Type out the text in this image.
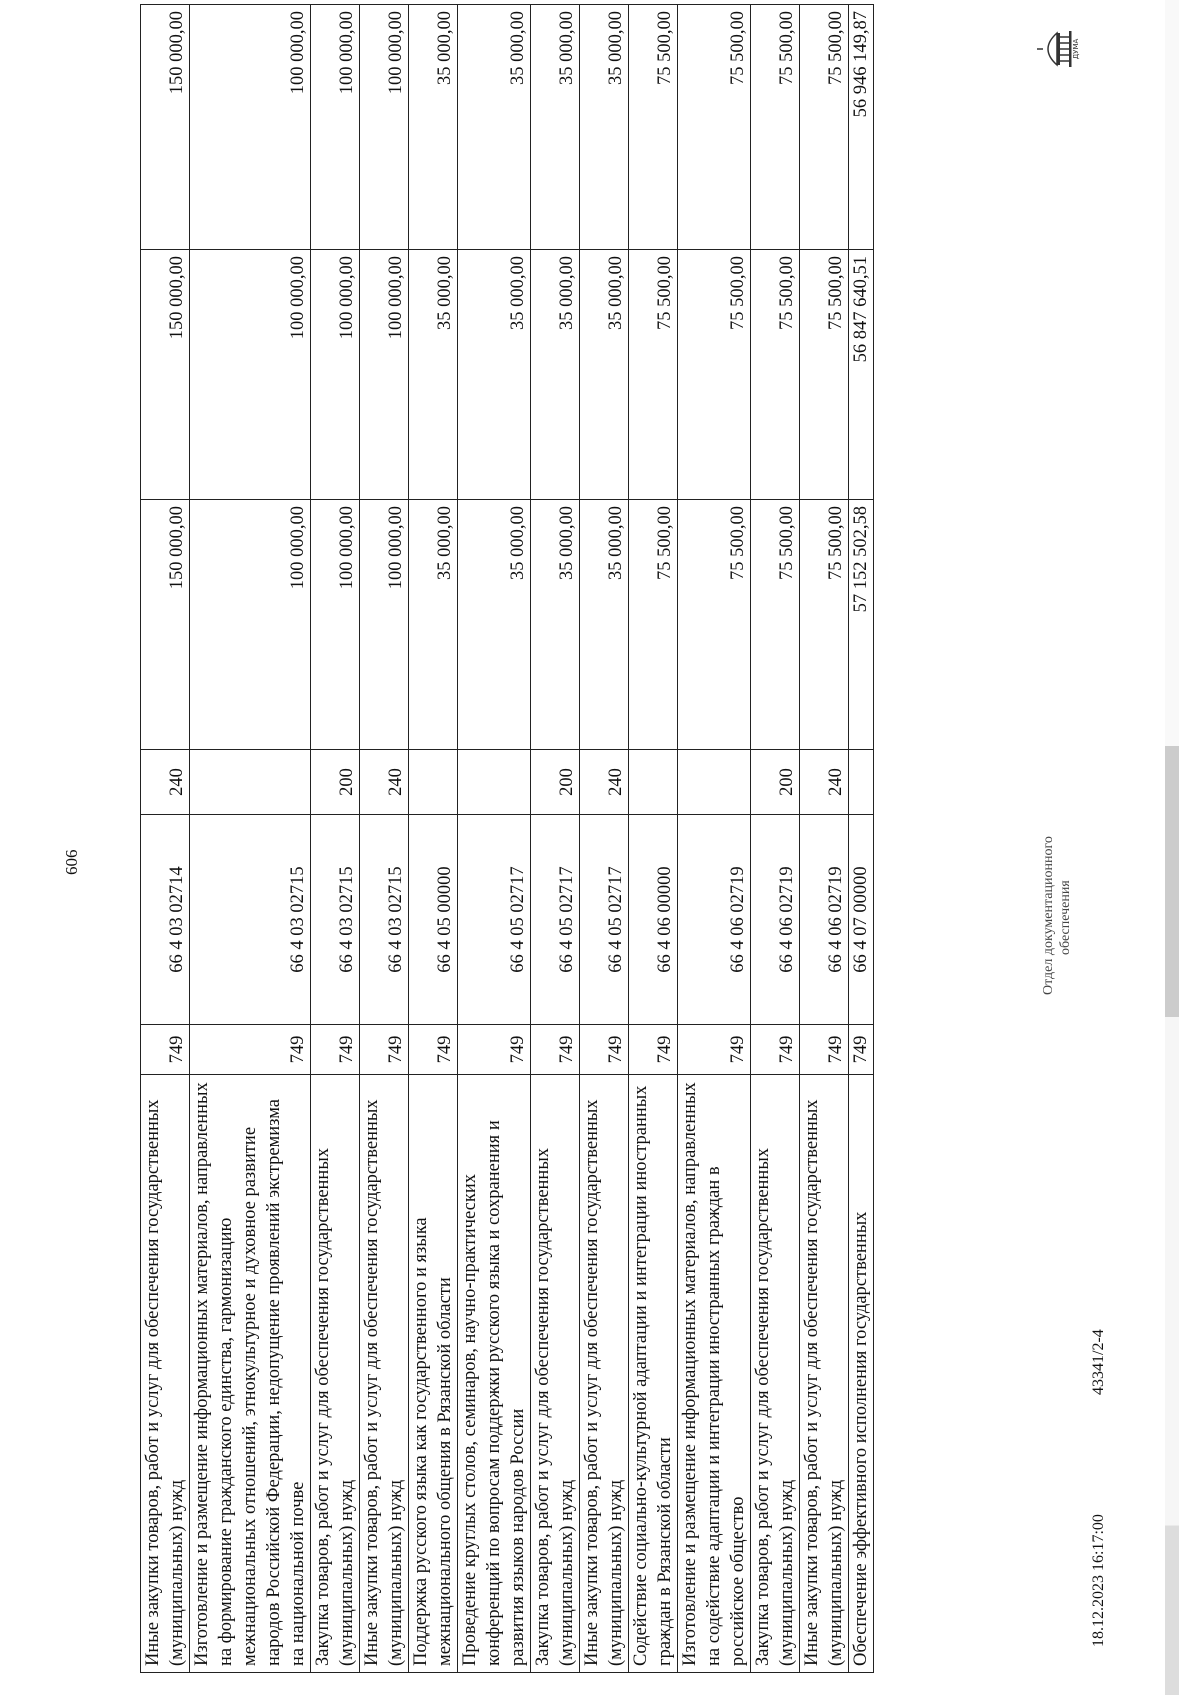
606
Иные закупки товаров, работ и услуг для обеспечения государственных (муниципальных) нужд	749	66 4 03 02714	240	150 000,00	150 000,00	150 000,00
Изготовление и размещение информационных материалов, направленных на формирование гражданского единства, гармонизацию межнациональных отношений, этнокультурное и духовное развитие народов Российской Федерации, недопущение проявлений экстремизма на национальной почве	749	66 4 03 02715		100 000,00	100 000,00	100 000,00
Закупка товаров, работ и услуг для обеспечения государственных (муниципальных) нужд	749	66 4 03 02715	200	100 000,00	100 000,00	100 000,00
Иные закупки товаров, работ и услуг для обеспечения государственных (муниципальных) нужд	749	66 4 03 02715	240	100 000,00	100 000,00	100 000,00
Поддержка русского языка как государственного и языка межнационального общения в Рязанской области	749	66 4 05 00000		35 000,00	35 000,00	35 000,00
Проведение круглых столов, семинаров, научно-практических конференций по вопросам поддержки русского языка и сохранения и развития языков народов России	749	66 4 05 02717		35 000,00	35 000,00	35 000,00
Закупка товаров, работ и услуг для обеспечения государственных (муниципальных) нужд	749	66 4 05 02717	200	35 000,00	35 000,00	35 000,00
Иные закупки товаров, работ и услуг для обеспечения государственных (муниципальных) нужд	749	66 4 05 02717	240	35 000,00	35 000,00	35 000,00
Содействие социально-культурной адаптации и интеграции иностранных граждан в Рязанской области	749	66 4 06 00000		75 500,00	75 500,00	75 500,00
Изготовление и размещение информационных материалов, направленных на содействие адаптации и интеграции иностранных граждан в российское общество	749	66 4 06 02719		75 500,00	75 500,00	75 500,00
Закупка товаров, работ и услуг для обеспечения государственных (муниципальных) нужд	749	66 4 06 02719	200	75 500,00	75 500,00	75 500,00
Иные закупки товаров, работ и услуг для обеспечения государственных (муниципальных) нужд	749	66 4 06 02719	240	75 500,00	75 500,00	75 500,00
Обеспечение эффективного исполнения государственных	749	66 4 07 00000		57 152 502,58	56 847 640,51	56 946 149,87
18.12.2023 16:17:00
43341/2-4
Отдел документационного обеспечения
ДУМА
